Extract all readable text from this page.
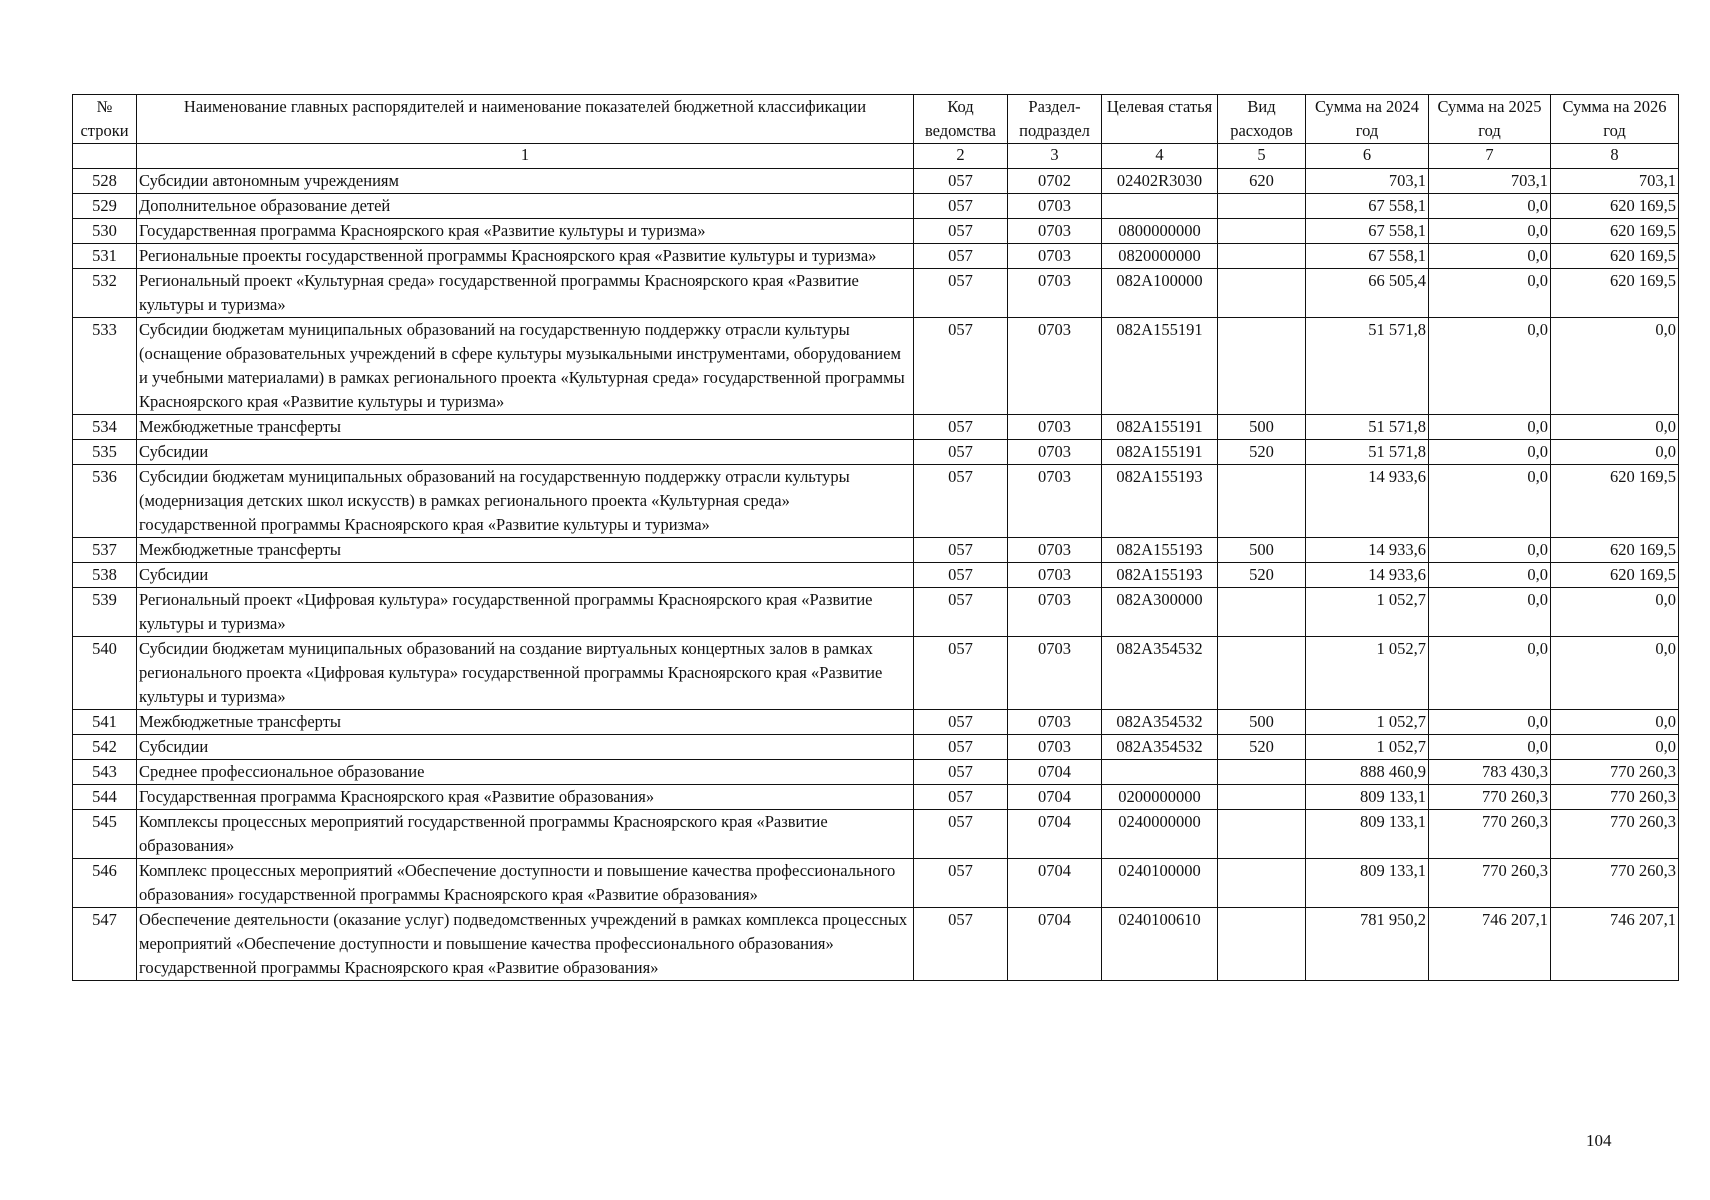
№ строки	Наименование главных распорядителей и наименование показателей бюджетной классификации	Код ведомства	Раздел-подраздел	Целевая статья	Вид расходов	Сумма на 2024 год	Сумма на 2025 год	Сумма на 2026 год
	1	2	3	4	5	6	7	8
528	Субсидии автономным учреждениям	057	0702	02402R3030	620	703,1	703,1	703,1
529	Дополнительное образование детей	057	0703			67 558,1	0,0	620 169,5
530	Государственная программа Красноярского края «Развитие культуры и туризма»	057	0703	0800000000		67 558,1	0,0	620 169,5
531	Региональные проекты государственной программы Красноярского края «Развитие культуры и туризма»	057	0703	0820000000		67 558,1	0,0	620 169,5
532	Региональный проект «Культурная среда» государственной программы Красноярского края «Развитие культуры и туризма»	057	0703	082A100000		66 505,4	0,0	620 169,5
533	Субсидии бюджетам муниципальных образований на государственную поддержку отрасли культуры (оснащение образовательных учреждений в сфере культуры музыкальными инструментами, оборудованием и учебными материалами) в рамках регионального проекта «Культурная среда» государственной программы Красноярского края «Развитие культуры и туризма»	057	0703	082A155191		51 571,8	0,0	0,0
534	Межбюджетные трансферты	057	0703	082A155191	500	51 571,8	0,0	0,0
535	Субсидии	057	0703	082A155191	520	51 571,8	0,0	0,0
536	Субсидии бюджетам муниципальных образований на государственную поддержку отрасли культуры (модернизация детских школ искусств) в рамках регионального проекта «Культурная среда» государственной программы Красноярского края «Развитие культуры и туризма»	057	0703	082A155193		14 933,6	0,0	620 169,5
537	Межбюджетные трансферты	057	0703	082A155193	500	14 933,6	0,0	620 169,5
538	Субсидии	057	0703	082A155193	520	14 933,6	0,0	620 169,5
539	Региональный проект «Цифровая культура» государственной программы Красноярского края «Развитие культуры и туризма»	057	0703	082A300000		1 052,7	0,0	0,0
540	Субсидии бюджетам муниципальных образований на создание виртуальных концертных залов в рамках регионального проекта «Цифровая культура» государственной программы Красноярского края «Развитие культуры и туризма»	057	0703	082A354532		1 052,7	0,0	0,0
541	Межбюджетные трансферты	057	0703	082A354532	500	1 052,7	0,0	0,0
542	Субсидии	057	0703	082A354532	520	1 052,7	0,0	0,0
543	Среднее профессиональное образование	057	0704			888 460,9	783 430,3	770 260,3
544	Государственная программа Красноярского края «Развитие образования»	057	0704	0200000000		809 133,1	770 260,3	770 260,3
545	Комплексы процессных мероприятий государственной программы Красноярского края «Развитие образования»	057	0704	0240000000		809 133,1	770 260,3	770 260,3
546	Комплекс процессных мероприятий «Обеспечение доступности и повышение качества профессионального образования» государственной программы Красноярского края «Развитие образования»	057	0704	0240100000		809 133,1	770 260,3	770 260,3
547	Обеспечение деятельности (оказание услуг) подведомственных учреждений в рамках комплекса процессных мероприятий «Обеспечение доступности и повышение качества профессионального образования» государственной программы Красноярского края «Развитие образования»	057	0704	0240100610		781 950,2	746 207,1	746 207,1
104
